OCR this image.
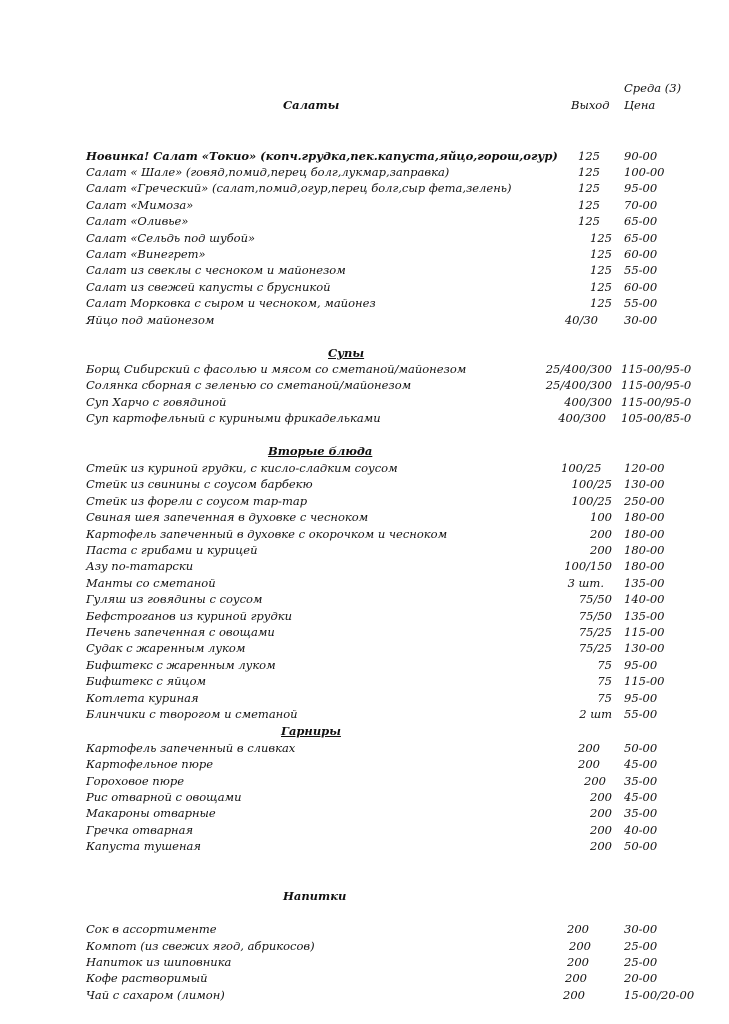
Среда (3)
Салаты	Выход Цена
Новинка! Салат «Токио» (копч.грудка,пек.капуста,яйцо,горош,огур)	125 90-00
Салат « Шале» (говяд,помид,перец болг,лукмар,заправка)	125 100-00
Салат «Греческий» (салат,помид,огур,перец болг,сыр фета,зелень)	125 95-00
Салат «Мимоза»	125 70-00
Салат «Оливье»	125 65-00
Салат «Сельдь под шубой»	125 65-00
Салат «Винегрет»	125 60-00
Салат из свеклы с чесноком и майонезом	125 55-00
Салат из свежей капусты с брусникой	125 60-00
Салат Морковка с сыром и чесноком, майонез	125 55-00
Яйцо под майонезом	40/30 30-00
Супы
Борщ Сибирский с фасолью и мясом со сметаной/майонезом	25/400/300 115-00/95-0
Солянка сборная с зеленью со сметаной/майонезом	25/400/300 115-00/95-0
Суп Харчо с говядиной	400/300 115-00/95-0
Суп картофельный с куриными фрикадельками	400/300 105-00/85-0
Вторые блюда
Стейк из куриной грудки, с кисло-сладким соусом	100/25 120-00
Стейк из свинины с соусом барбекю	100/25 130-00
Стейк из форели с соусом тар-тар	100/25 250-00
Свиная шея запеченная в духовке с чесноком	100 180-00
Картофель запеченный в духовке с окорочком и чесноком	200 180-00
Паста с грибами и курицей	200 180-00
Азу по-татарски	100/150 180-00
Манты со сметаной	3 шт. 135-00
Гуляш из говядины с соусом	75/50 140-00
Бефстроганов из куриной грудки	75/50 135-00
Печень запеченная с овощами	75/25 115-00
Судак с жаренным луком	75/25 130-00
Бифштекс с жаренным луком	75 95-00
Бифштекс с яйцом	75 115-00
Котлета куриная	75 95-00
Блинчики с творогом и сметаной	2 шт 55-00
Гарниры
Картофель запеченный в сливках	200 50-00
Картофельное пюре	200 45-00
Гороховое пюре	200 35-00
Рис отварной с овощами	200 45-00
Макароны отварные	200 35-00
Гречка отварная	200 40-00
Капуста тушеная	200 50-00
Напитки
Сок в ассортименте	200	30-00
Компот (из свежих ягод, абрикосов)	200	25-00
Напиток из шиповника	200	25-00
Кофе растворимый	200	20-00
Чай с сахаром (лимон)	200	15-00/20-00
